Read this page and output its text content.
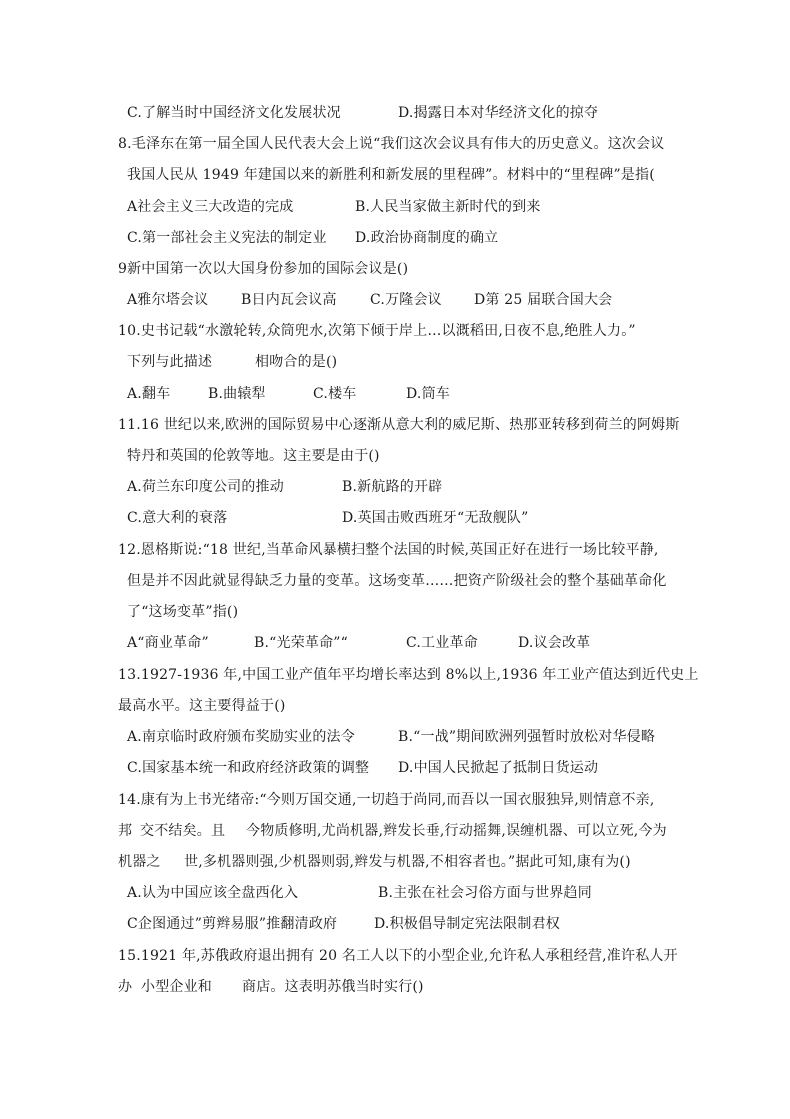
C.了解当时中国经济文化发展状况	D.揭露日本对华经济文化的掠夺
8.毛泽东在第一届全国人民代表大会上说“我们这次会议具有伟大的历史意义。这次会议
我国人民从 1949 年建国以来的新胜利和新发展的里程碑”。材料中的“里程碑”是指(
A社会主义三大改造的完成	B.人民当家做主新时代的到来
C.第一部社会主义宪法的制定业 D.政治协商制度的确立
9新中国第一次以大国身份参加的国际会议是()
A雅尔塔会议 B日内瓦会议高 C.万隆会议 D第 25 届联合国大会
10.史书记载“水激轮转,众筒兜水,次第下倾于岸上…以溉稻田,日夜不息,绝胜人力。”
下列与此描述	相吻合的是()
A.翻车	B.曲辕犁	C.楼车	D.筒车
11.16 世纪以来,欧洲的国际贸易中心逐渐从意大利的威尼斯、热那亚转移到荷兰的阿姆斯
特丹和英国的伦敦等地。这主要是由于()
A.荷兰东印度公司的推动	B.新航路的开辟
C.意大利的衰落	D.英国击败西班牙“无敌舰队”
12.恩格斯说:“18 世纪,当革命风暴横扫整个法国的时候,英国正好在进行一场比较平静,
但是并不因此就显得缺乏力量的变革。这场变革……把资产阶级社会的整个基础革命化
了“这场变革”指()
A“商业革命”	B.“光荣革命”“	C.工业革命	D.议会改革
13.1927-1936 年,中国工业产值年平均增长率达到 8%以上,1936 年工业产值达到近代史上
最高水平。这主要得益于()
A.南京临时政府颁布奖励实业的法令	B.“一战”期间欧洲列强暂时放松对华侵略
C.国家基本统一和政府经济政策的调整 D.中国人民掀起了抵制日货运动
14.康有为上书光绪帝:“今则万国交通,一切趋于尚同,而吾以一国衣服独异,则情意不亲,
邦 交不结矣。且 今物质修明,尤尚机器,辫发长垂,行动摇舞,误缠机器、可以立死,今为
机器之 世,多机器则强,少机器则弱,辫发与机器,不相容者也。”据此可知,康有为()
A.认为中国应该全盘西化入	B.主张在社会习俗方面与世界趋同
C企图通过”剪辫易服”推翻清政府	D.积极倡导制定宪法限制君权
15.1921 年,苏俄政府退出拥有 20 名工人以下的小型企业,允许私人承租经营,准许私人开
办 小型企业和 商店。这表明苏俄当时实行()
